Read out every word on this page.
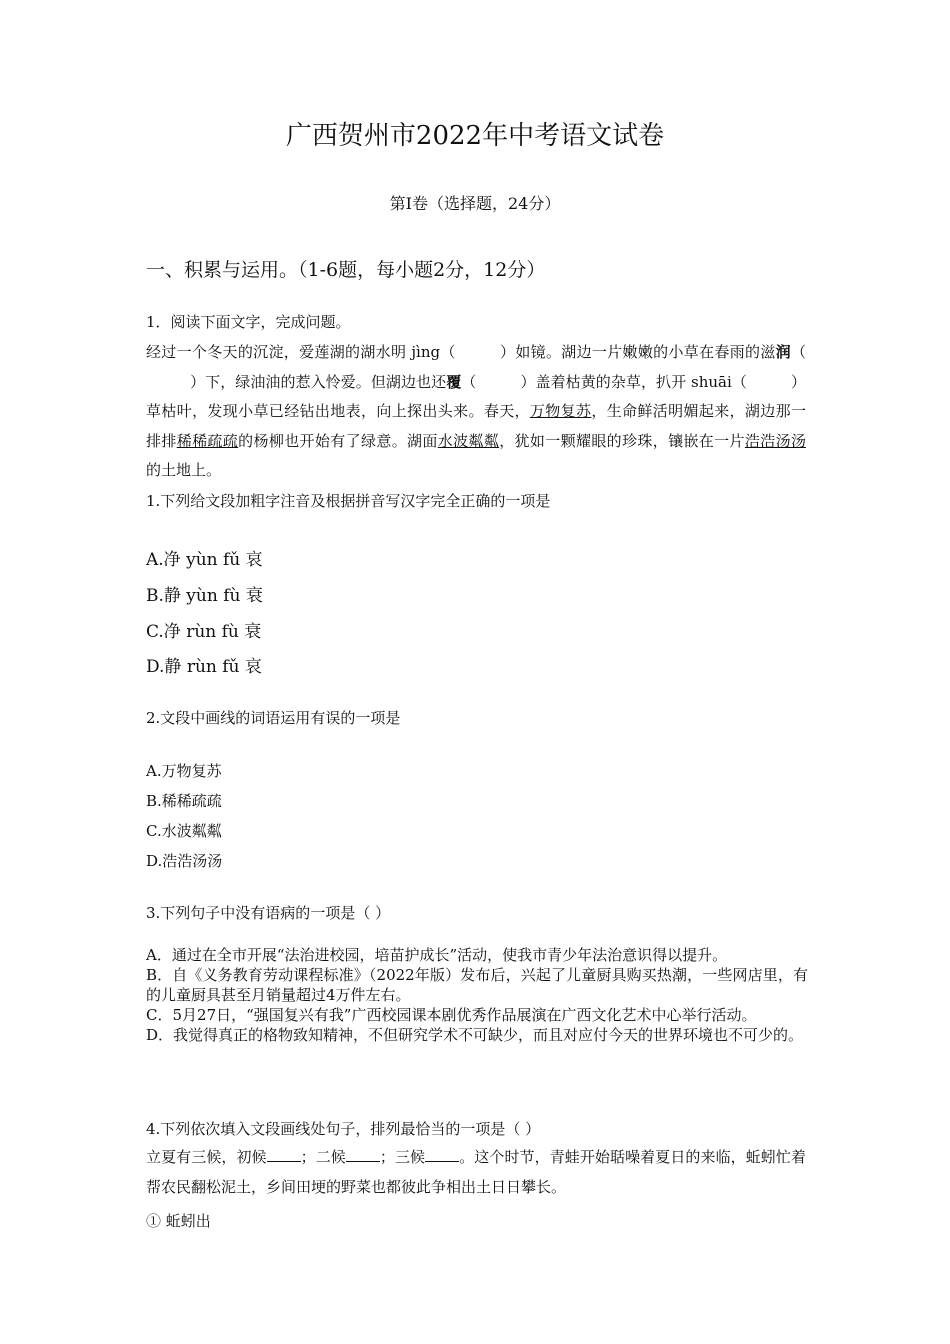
广西贺州市2022年中考语文试卷
第Ⅰ卷（选择题，24分）
一、积累与运用。（1-6题，每小题2分，12分）
1．阅读下面文字，完成问题。

经过一个冬天的沉淀，爱莲湖的湖水明 jìng（	）如镜。湖边一片嫩嫩的小草在春雨的滋润（）下，绿油油的惹入怜爱。但湖边也还覆（	）盖着枯黄的杂草，扒开 shuāi（	）草枯叶，发现小草已经钻出地表，向上探出头来。春天，万物复苏，生命鲜活明媚起来，湖边那一排排稀稀疏疏的杨柳也开始有了绿意。湖面水波粼粼，犹如一颗耀眼的珍珠，镶嵌在一片浩浩汤汤的土地上。

1.下列给文段加粗字注音及根据拼音写汉字完全正确的一项是
A.净 yùn fǔ 哀
B.静 yùn fù 衰
C.净 rùn fù 衰
D.静 rùn fǔ 哀
2.文段中画线的词语运用有误的一项是
A.万物复苏
B.稀稀疏疏
C.水波粼粼
D.浩浩汤汤
3.下列句子中没有语病的一项是（ ）

A．通过在全市开展“法治进校园，培苗护成长”活动，使我市青少年法治意识得以提升。

B．自《义务教育劳动课程标准》（2022年版）发布后，兴起了儿童厨具购买热潮，一些网店里，有的儿童厨具甚至月销量超过4万件左右。

C．5月27日，“强国复兴有我”广西校园课本剧优秀作品展演在广西文化艺术中心举行活动。

D．我觉得真正的格物致知精神，不但研究学术不可缺少，而且对应付今天的世界环境也不可少的。

4.下列依次填入文段画线处句子，排列最恰当的一项是（ ）

立夏有三候，初候 ；二候 ；三候 。这个时节，青蛙开始聒噪着夏日的来临，蚯蚓忙着帮农民翻松泥土，乡间田埂的野菜也都彼此争相出土日日攀长。

① 蚯蚓出
